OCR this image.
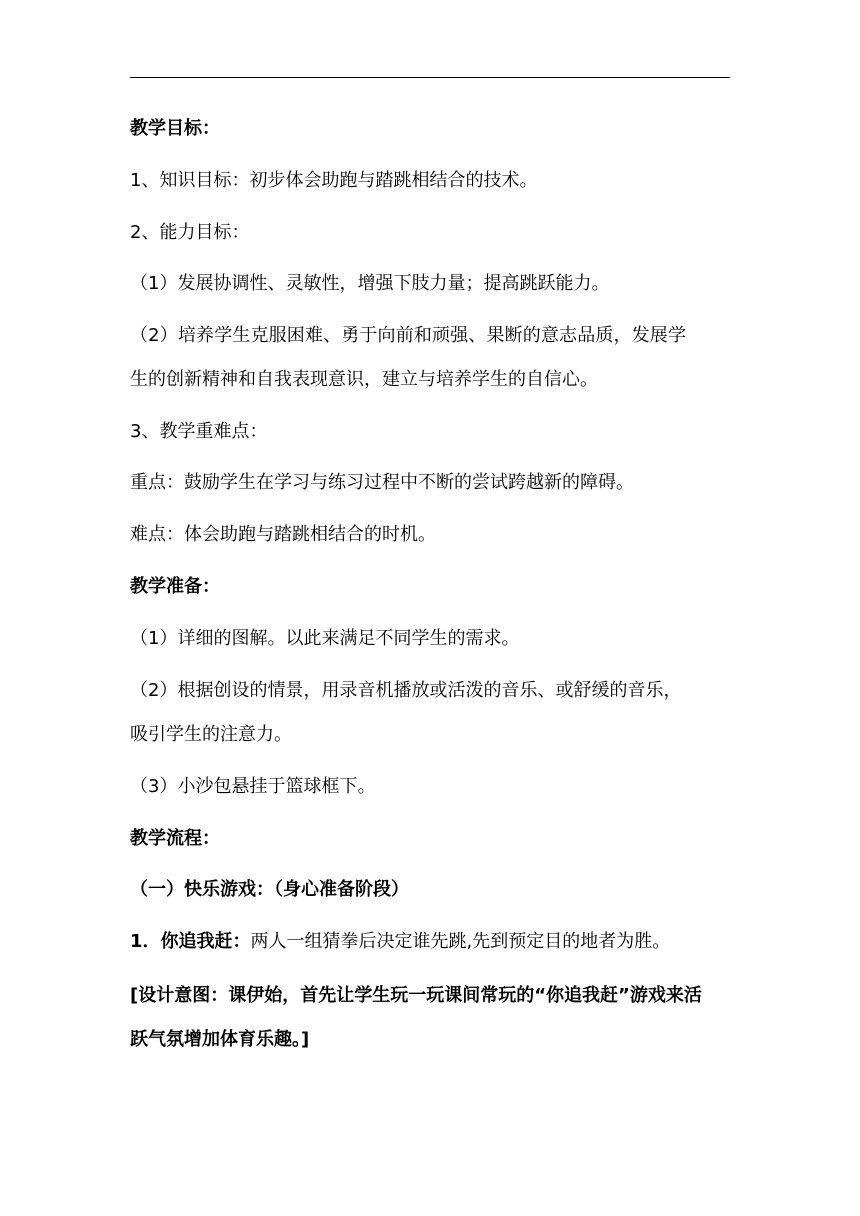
教学目标：
1、知识目标：初步体会助跑与踏跳相结合的技术。
2、能力目标：
（1）发展协调性、灵敏性，增强下肢力量；提高跳跃能力。
（2）培养学生克服困难、勇于向前和顽强、果断的意志品质，发展学
生的创新精神和自我表现意识，建立与培养学生的自信心。
3、教学重难点：
重点：鼓励学生在学习与练习过程中不断的尝试跨越新的障碍。
难点：体会助跑与踏跳相结合的时机。
教学准备：
（1）详细的图解。以此来满足不同学生的需求。
（2）根据创设的情景，用录音机播放或活泼的音乐、或舒缓的音乐，
吸引学生的注意力。
（3）小沙包悬挂于篮球框下。
教学流程：
（一）快乐游戏：（身心准备阶段）
1．你追我赶：两人一组猜拳后决定谁先跳,先到预定目的地者为胜。
[设计意图：课伊始，首先让学生玩一玩课间常玩的“你追我赶”游戏来活
跃气氛增加体育乐趣。]
